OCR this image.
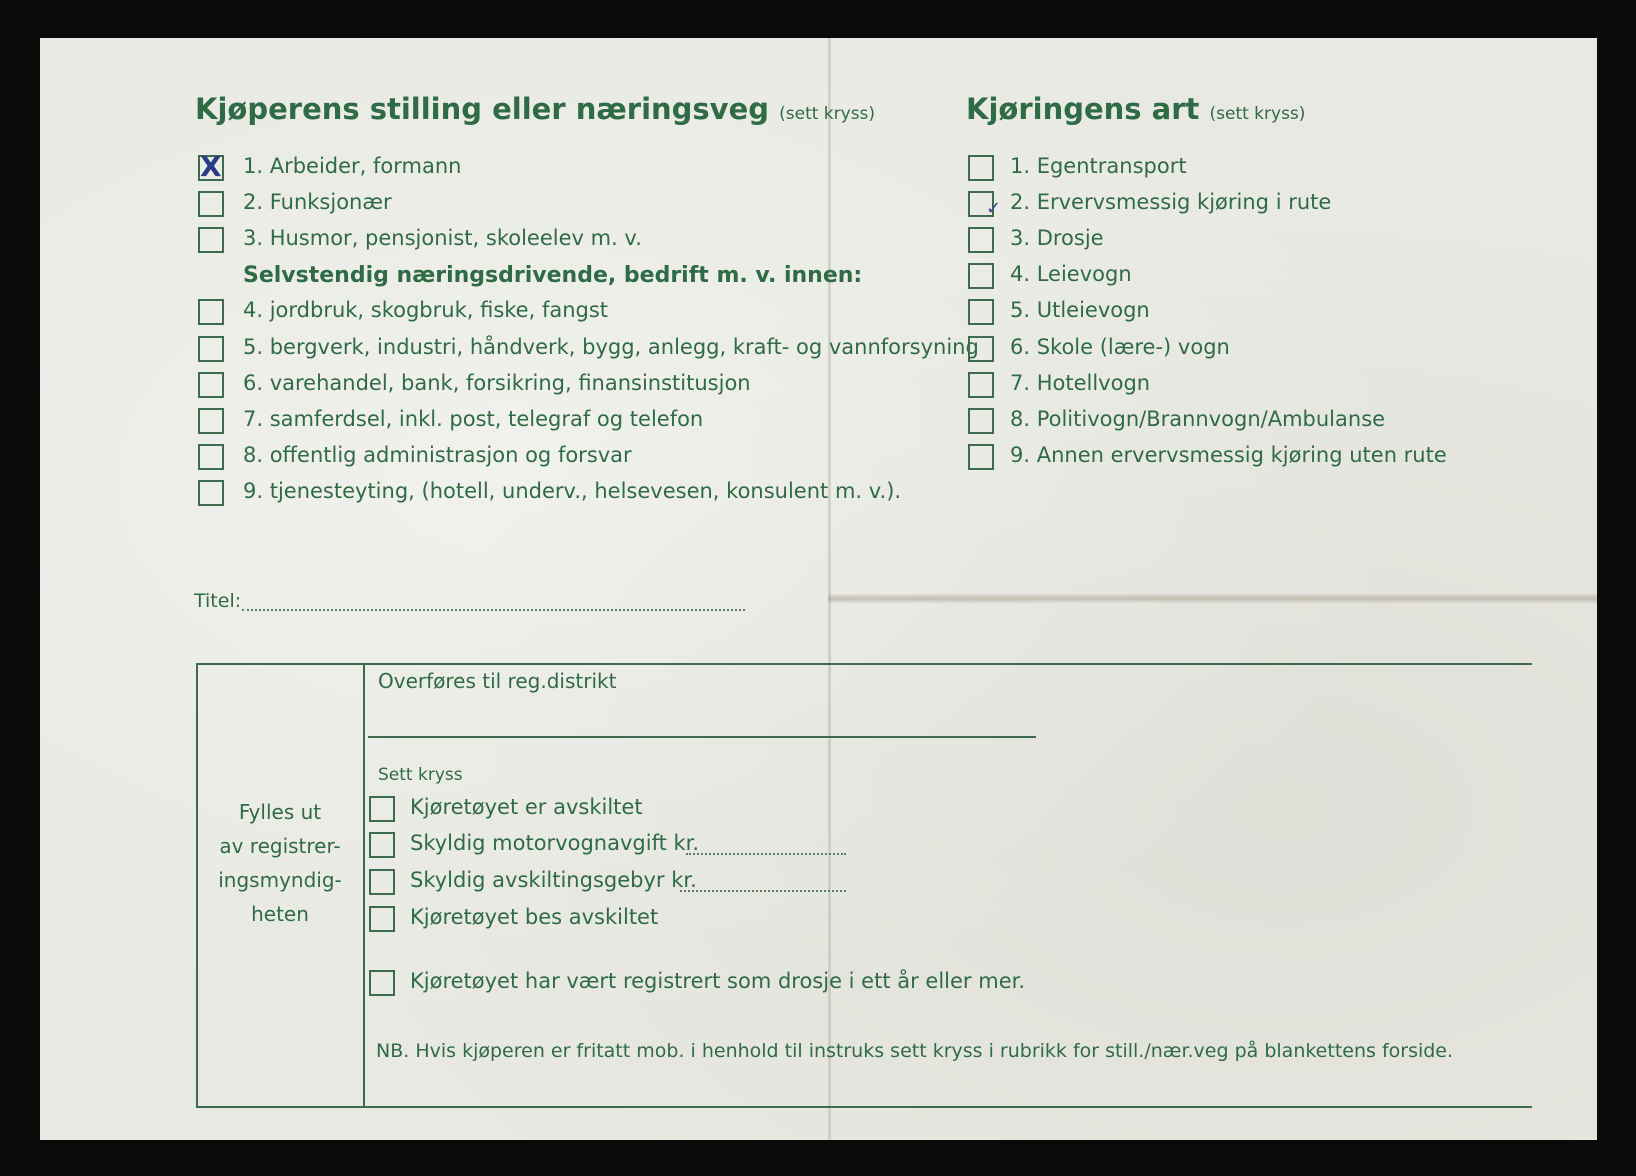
Kjøperens stilling eller næringsveg (sett kryss)
X 1. Arbeider, formann
2. Funksjonær
3. Husmor, pensjonist, skoleelev m. v.
Selvstendig næringsdrivende, bedrift m. v. innen:
4. jordbruk, skogbruk, fiske, fangst
5. bergverk, industri, håndverk, bygg, anlegg, kraft- og vannforsyning
6. varehandel, bank, forsikring, finansinstitusjon
7. samferdsel, inkl. post, telegraf og telefon
8. offentlig administrasjon og forsvar
9. tjenesteyting, (hotell, underv., helsevesen, konsulent m. v.).
Kjøringens art (sett kryss)
1. Egentransport
✓ 2. Ervervsmessig kjøring i rute
3. Drosje
4. Leievogn
5. Utleievogn
6. Skole (lære-) vogn
7. Hotellvogn
8. Politivogn/Brannvogn/Ambulanse
9. Annen ervervsmessig kjøring uten rute
Titel:
Fylles ut
av registrer-
ingsmyndig-
heten
Overføres til reg.distrikt
Sett kryss
Kjøretøyet er avskiltet
Skyldig motorvognavgift kr.
Skyldig avskiltingsgebyr kr.
Kjøretøyet bes avskiltet
Kjøretøyet har vært registrert som drosje i ett år eller mer.
NB. Hvis kjøperen er fritatt mob. i henhold til instruks sett kryss i rubrikk for still./nær.veg på blankettens forside.
